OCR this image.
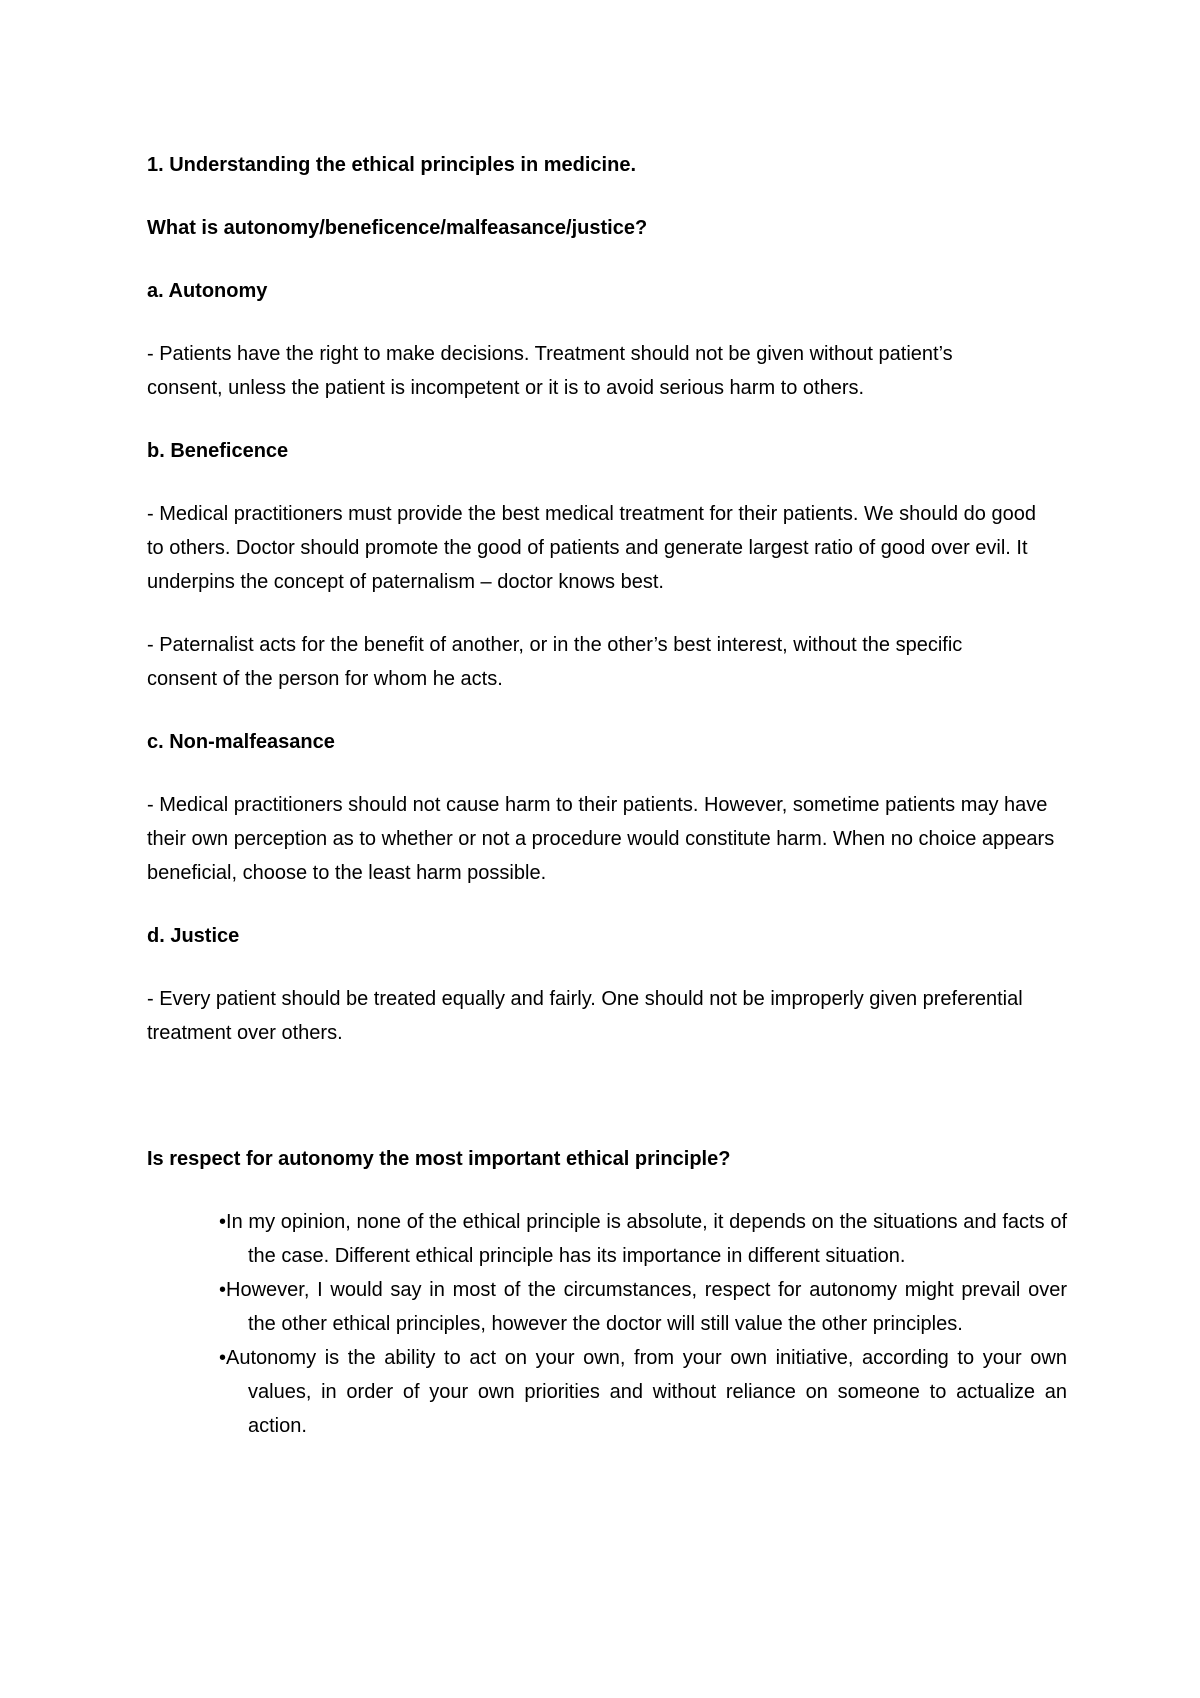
1. Understanding the ethical principles in medicine.

What is autonomy/beneficence/malfeasance/justice?

a. Autonomy

- Patients have the right to make decisions. Treatment should not be given without patient’s consent, unless the patient is incompetent or it is to avoid serious harm to others.

b. Beneficence

- Medical practitioners must provide the best medical treatment for their patients. We should do good to others. Doctor should promote the good of patients and generate largest ratio of good over evil. It underpins the concept of paternalism – doctor knows best.

- Paternalist acts for the benefit of another, or in the other’s best interest, without the specific consent of the person for whom he acts.

c. Non-malfeasance

- Medical practitioners should not cause harm to their patients. However, sometime patients may have their own perception as to whether or not a procedure would constitute harm. When no choice appears beneficial, choose to the least harm possible.

d. Justice

- Every patient should be treated equally and fairly. One should not be improperly given preferential treatment over others.

Is respect for autonomy the most important ethical principle?

•In my opinion, none of the ethical principle is absolute, it depends on the situations and facts of the case. Different ethical principle has its importance in different situation.
•However, I would say in most of the circumstances, respect for autonomy might prevail over the other ethical principles, however the doctor will still value the other principles.
•Autonomy is the ability to act on your own, from your own initiative, according to your own values, in order of your own priorities and without reliance on someone to actualize an action.
